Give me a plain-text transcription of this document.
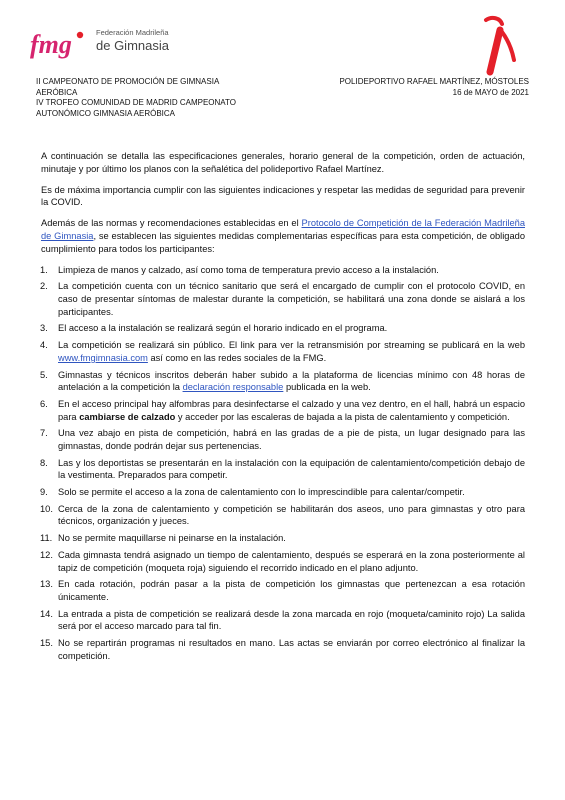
fmg	Federación Madrileña
de Gimnasia
II CAMPEONATO DE PROMOCIÓN DE GIMNASIA
AERÓBICA
IV TROFEO COMUNIDAD DE MADRID CAMPEONATO
AUTONÓMICO GIMNASIA AERÓBICA
POLIDEPORTIVO RAFAEL MARTÍNEZ, MÓSTOLES
16 de MAYO de 2021

A continuación se detalla las especificaciones generales, horario general de la competición, orden de actuación, minutaje y por último los planos con la señalética del polideportivo Rafael Martínez.

Es de máxima importancia cumplir con las siguientes indicaciones y respetar las medidas de seguridad para prevenir la COVID.

Además de las normas y recomendaciones establecidas en el Protocolo de Competición de la Federación Madrileña de Gimnasia, se establecen las siguientes medidas complementarias específicas para esta competición, de obligado cumplimiento para todos los participantes:

1. Limpieza de manos y calzado, así como toma de temperatura previo acceso a la instalación.
2. La competición cuenta con un técnico sanitario que será el encargado de cumplir con el protocolo COVID, en caso de presentar síntomas de malestar durante la competición, se habilitará una zona donde se aislará a los participantes.
3. El acceso a la instalación se realizará según el horario indicado en el programa.
4. La competición se realizará sin público. El link para ver la retransmisión por streaming se publicará en la web www.fmgimnasia.com así como en las redes sociales de la FMG.
5. Gimnastas y técnicos inscritos deberán haber subido a la plataforma de licencias mínimo con 48 horas de antelación a la competición la declaración responsable publicada en la web.
6. En el acceso principal hay alfombras para desinfectarse el calzado y una vez dentro, en el hall, habrá un espacio para cambiarse de calzado y acceder por las escaleras de bajada a la pista de calentamiento y competición.
7. Una vez abajo en pista de competición, habrá en las gradas de a pie de pista, un lugar designado para las gimnastas, donde podrán dejar sus pertenencias.
8. Las y los deportistas se presentarán en la instalación con la equipación de calentamiento/competición debajo de la vestimenta. Preparados para competir.
9. Solo se permite el acceso a la zona de calentamiento con lo imprescindible para calentar/competir.
10. Cerca de la zona de calentamiento y competición se habilitarán dos aseos, uno para gimnastas y otro para técnicos, organización y jueces.
11. No se permite maquillarse ni peinarse en la instalación.
12. Cada gimnasta tendrá asignado un tiempo de calentamiento, después se esperará en la zona posteriormente al tapiz de competición (moqueta roja) siguiendo el recorrido indicado en el plano adjunto.
13. En cada rotación, podrán pasar a la pista de competición los gimnastas que pertenezcan a esa rotación únicamente.
14. La entrada a pista de competición se realizará desde la zona marcada en rojo (moqueta/caminito rojo) La salida será por el acceso marcado para tal fin.
15. No se repartirán programas ni resultados en mano. Las actas se enviarán por correo electrónico al finalizar la competición.
